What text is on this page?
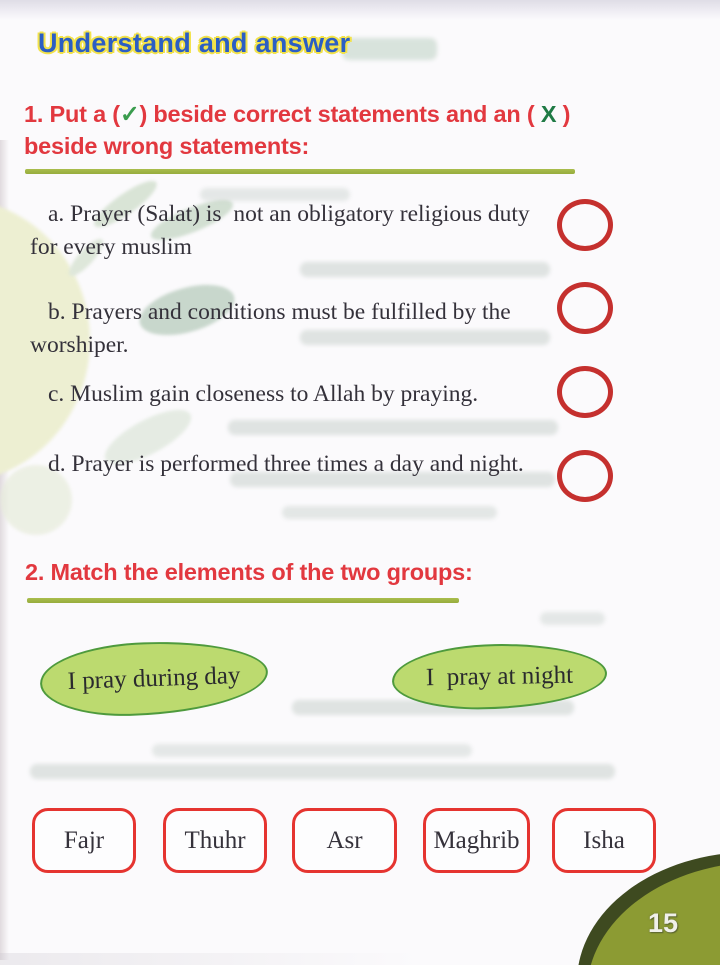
Understand and answer
1. Put a (✓) beside correct statements and an ( X )
beside wrong statements:

a. Prayer (Salat) is  not an obligatory religious duty for every muslim

b. Prayers and conditions must be fulfilled by the worshiper.

c. Muslim gain closeness to Allah by praying.

d. Prayer is performed three times a day and night.

2. Match the elements of the two groups:
I pray during day	I  pray at night
Fajr	Thuhr	Asr	Maghrib	Isha
15
